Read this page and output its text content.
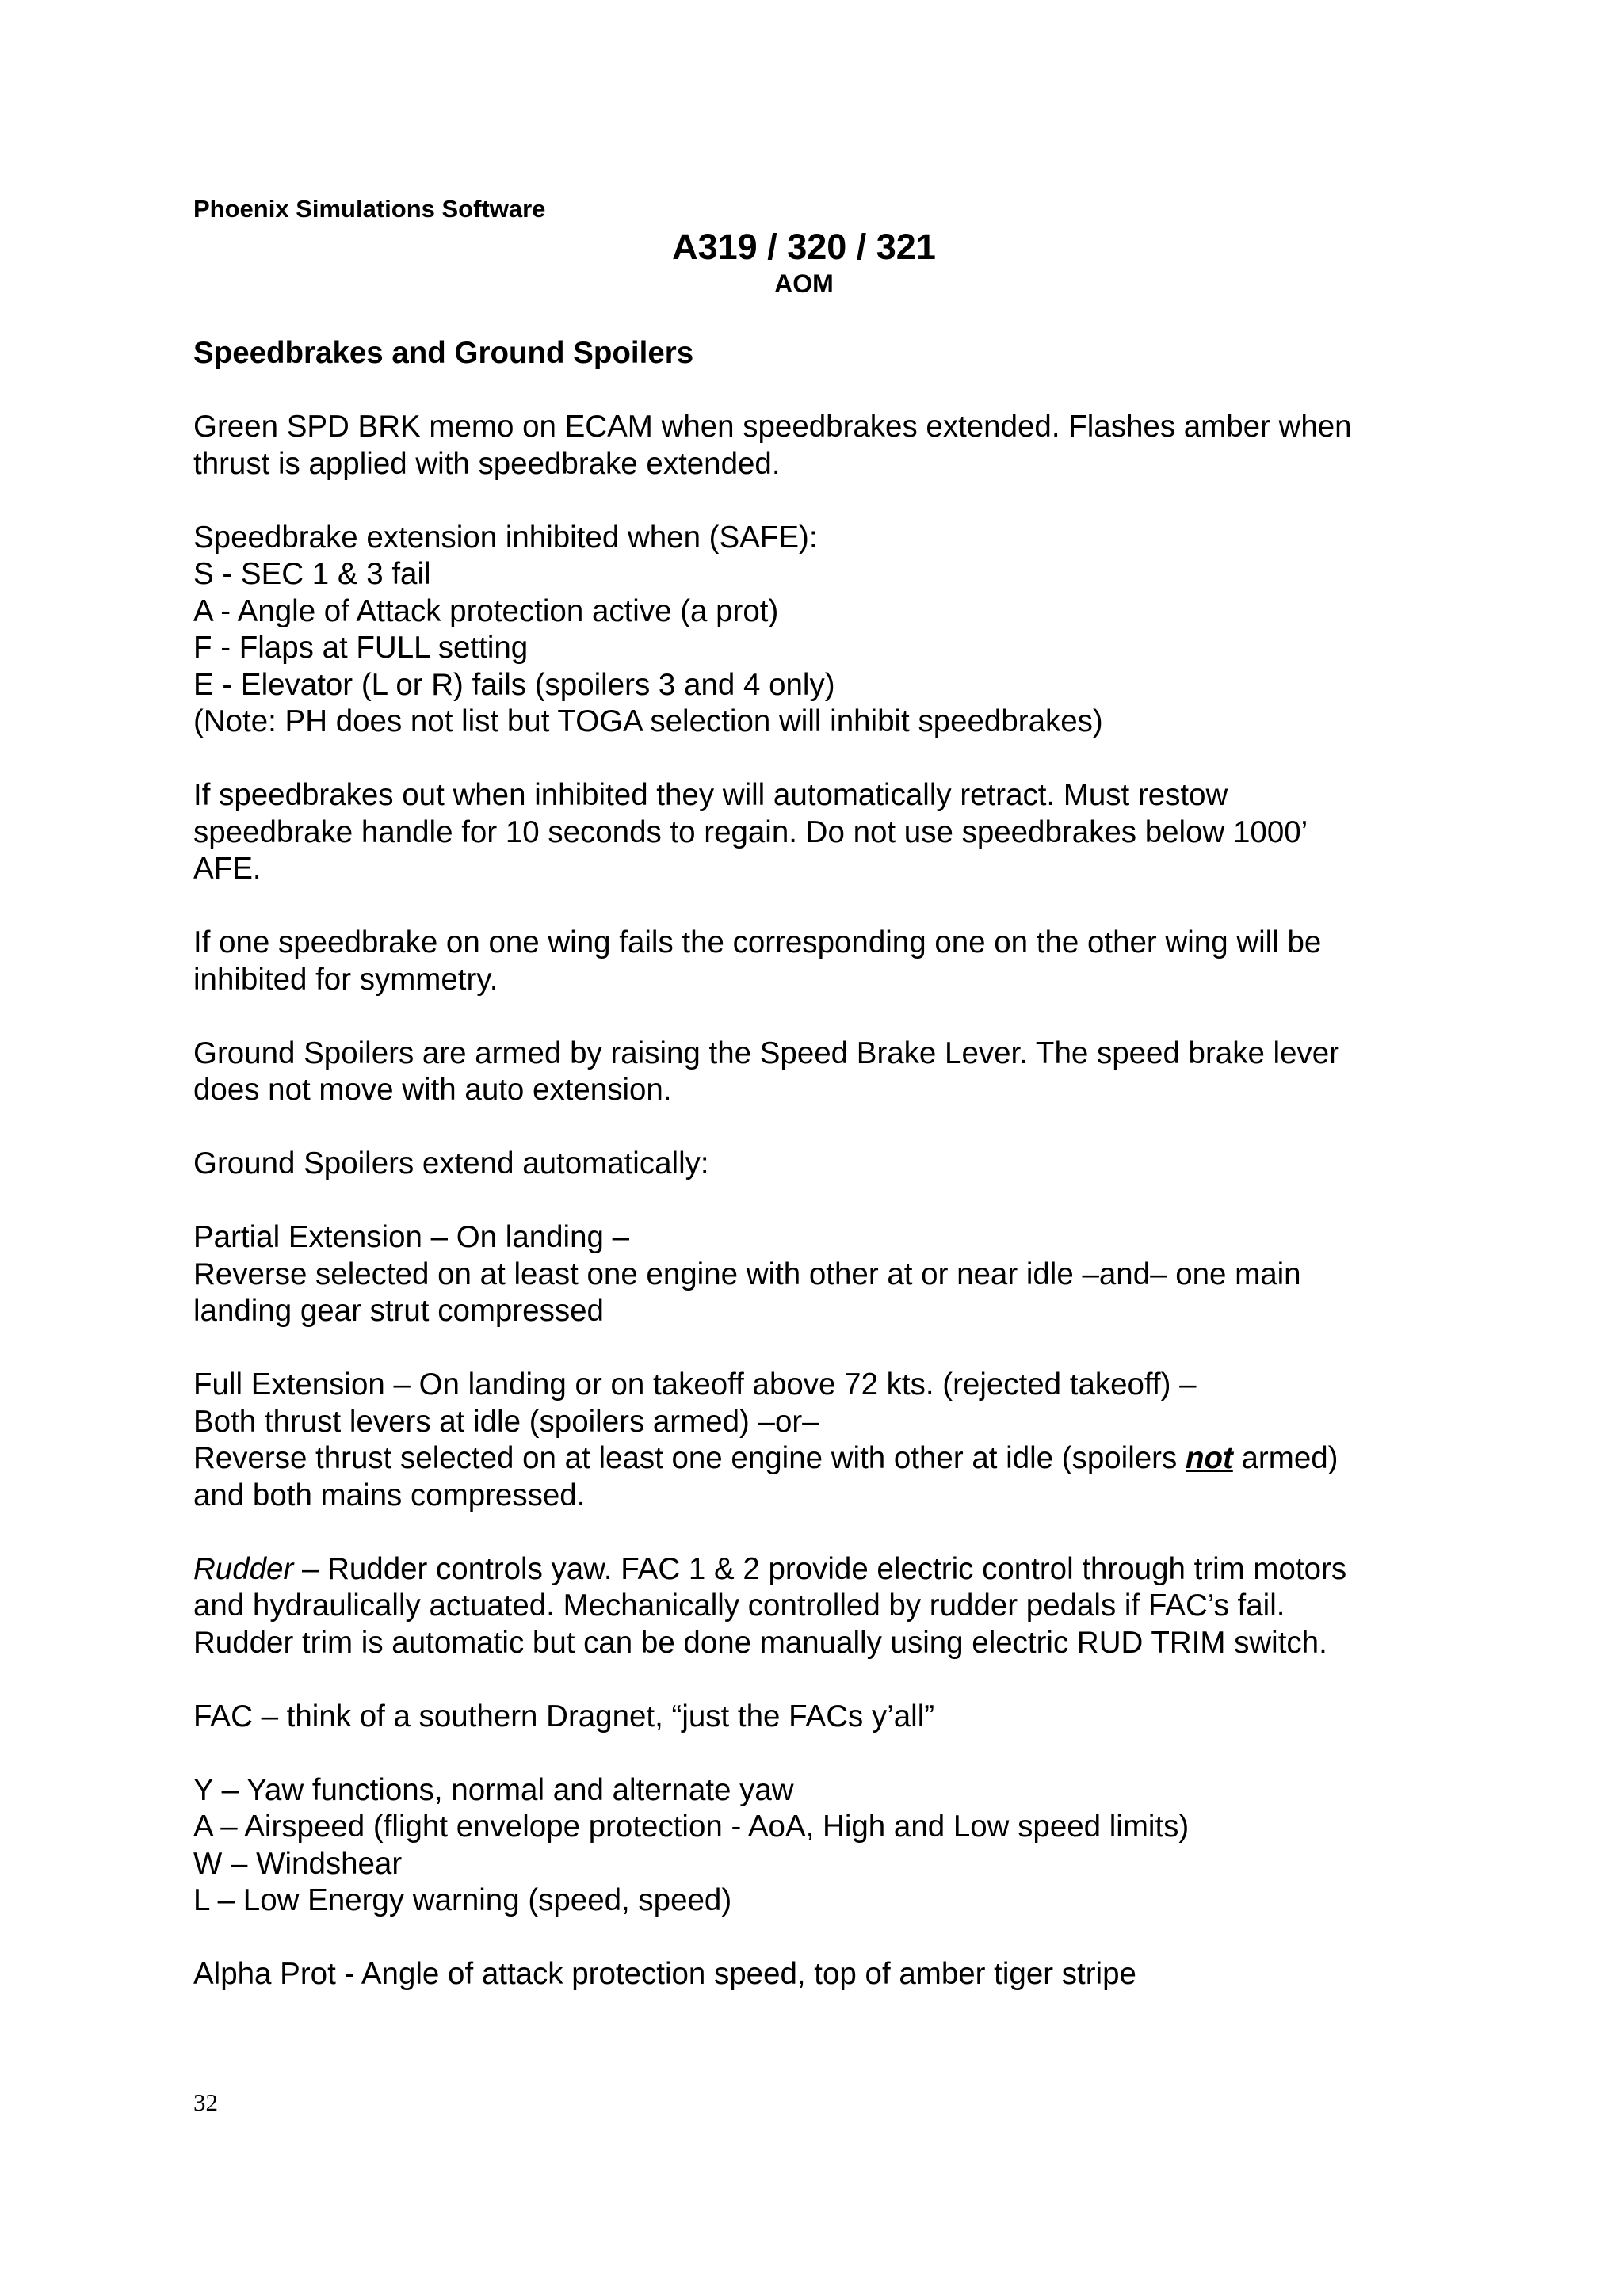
Phoenix Simulations Software
A319 / 320 / 321
AOM

Speedbrakes and Ground Spoilers

Green SPD BRK memo on ECAM when speedbrakes extended. Flashes amber when
thrust is applied with speedbrake extended.

Speedbrake extension inhibited when (SAFE):
S - SEC 1 & 3 fail
A - Angle of Attack protection active (a prot)
F - Flaps at FULL setting
E - Elevator (L or R) fails (spoilers 3 and 4 only)
(Note: PH does not list but TOGA selection will inhibit speedbrakes)

If speedbrakes out when inhibited they will automatically retract. Must restow
speedbrake handle for 10 seconds to regain. Do not use speedbrakes below 1000’
AFE.

If one speedbrake on one wing fails the corresponding one on the other wing will be
inhibited for symmetry.

Ground Spoilers are armed by raising the Speed Brake Lever. The speed brake lever
does not move with auto extension.

Ground Spoilers extend automatically:

Partial Extension – On landing –
Reverse selected on at least one engine with other at or near idle –and– one main
landing gear strut compressed

Full Extension – On landing or on takeoff above 72 kts. (rejected takeoff) –
Both thrust levers at idle (spoilers armed) –or–
Reverse thrust selected on at least one engine with other at idle (spoilers not armed)
and both mains compressed.

Rudder – Rudder controls yaw. FAC 1 & 2 provide electric control through trim motors
and hydraulically actuated. Mechanically controlled by rudder pedals if FAC’s fail.
Rudder trim is automatic but can be done manually using electric RUD TRIM switch.

FAC – think of a southern Dragnet, “just the FACs y’all”

Y – Yaw functions, normal and alternate yaw
A – Airspeed (flight envelope protection - AoA, High and Low speed limits)
W – Windshear
L – Low Energy warning (speed, speed)

Alpha Prot - Angle of attack protection speed, top of amber tiger stripe

32
